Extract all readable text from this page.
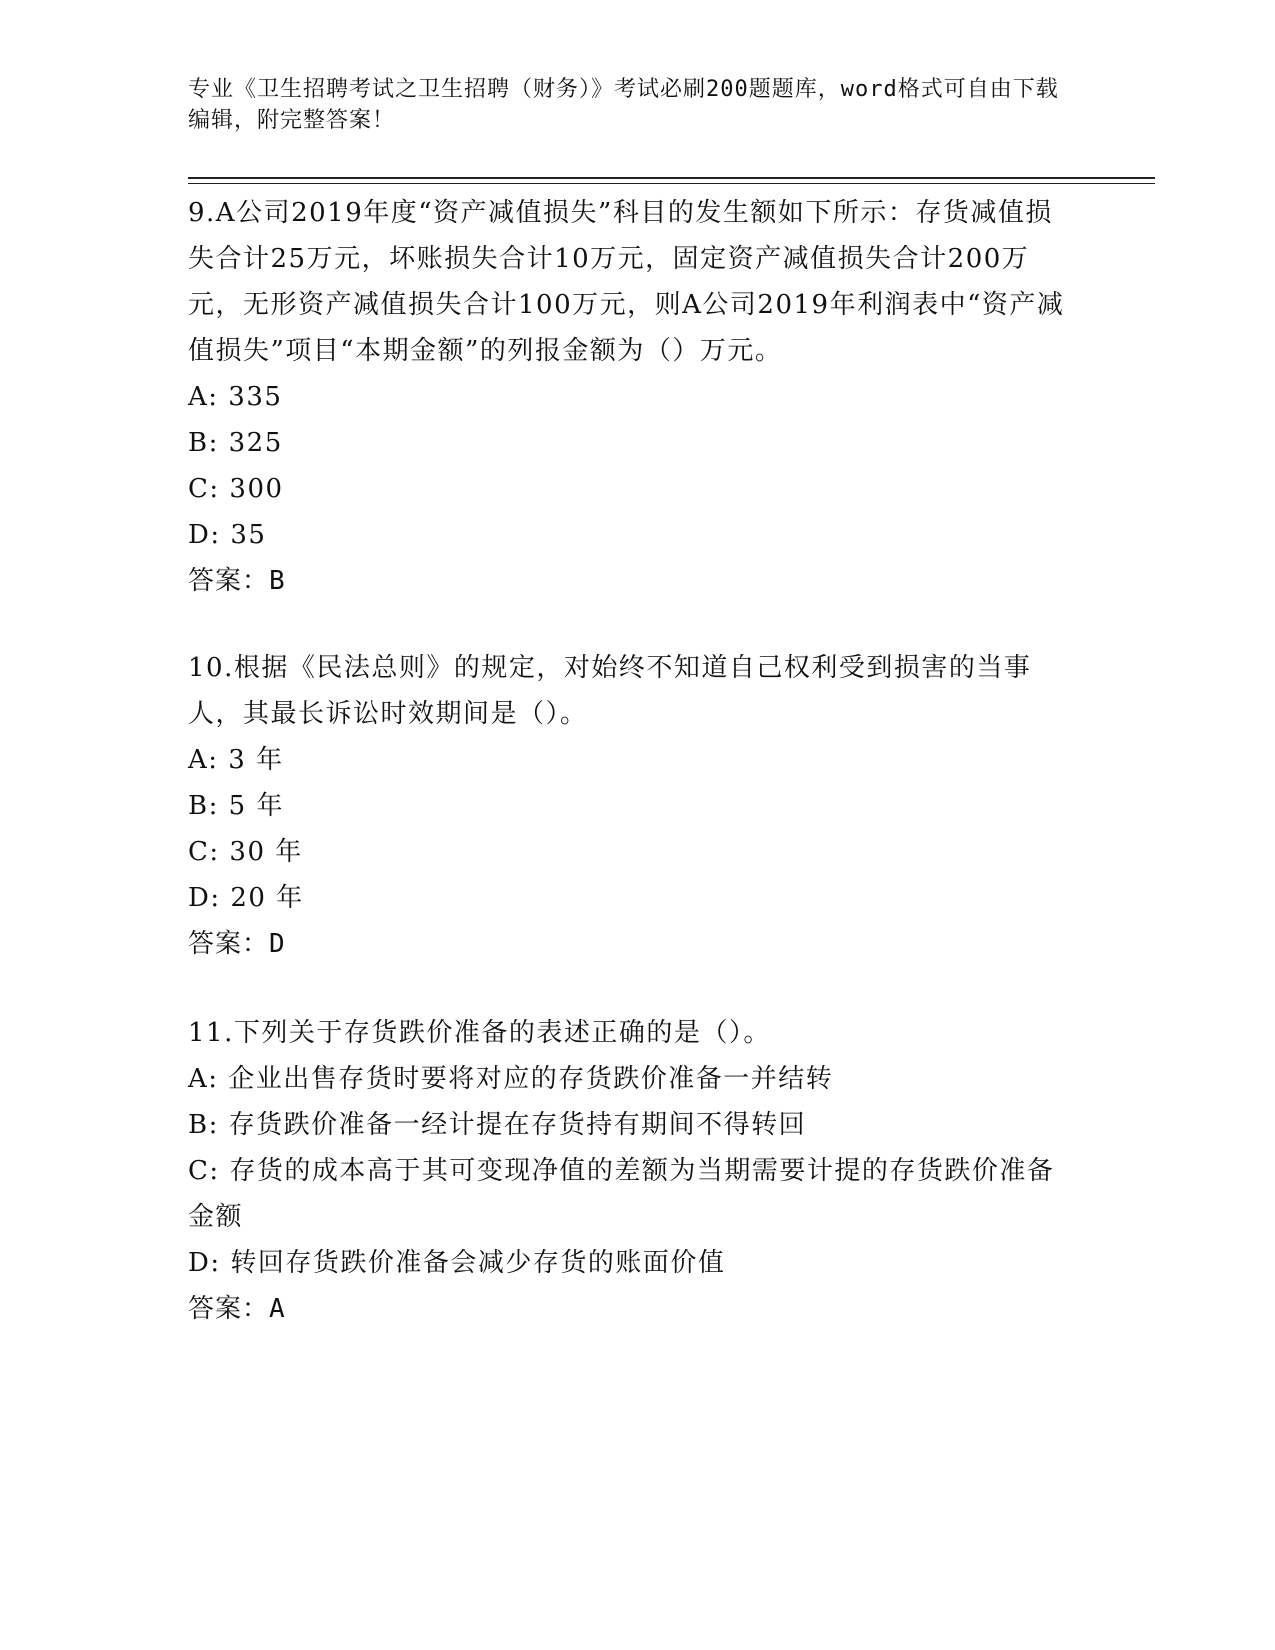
专业《卫生招聘考试之卫生招聘（财务）》考试必刷200题题库，word格式可自由下载编辑，附完整答案！

9.A公司2019年度“资产减值损失”科目的发生额如下所示：存货减值损失合计25万元，坏账损失合计10万元，固定资产减值损失合计200万元，无形资产减值损失合计100万元，则A公司2019年利润表中“资产减值损失”项目“本期金额”的列报金额为（）万元。

A: 335

B: 325

C: 300

D: 35

答案：B

10.根据《民法总则》的规定，对始终不知道自己权利受到损害的当事人，其最长诉讼时效期间是（）。

A: 3 年

B: 5 年

C: 30 年

D: 20 年

答案：D

11.下列关于存货跌价准备的表述正确的是（）。

A: 企业出售存货时要将对应的存货跌价准备一并结转

B: 存货跌价准备一经计提在存货持有期间不得转回

C: 存货的成本高于其可变现净值的差额为当期需要计提的存货跌价准备金额

D: 转回存货跌价准备会减少存货的账面价值

答案：A
